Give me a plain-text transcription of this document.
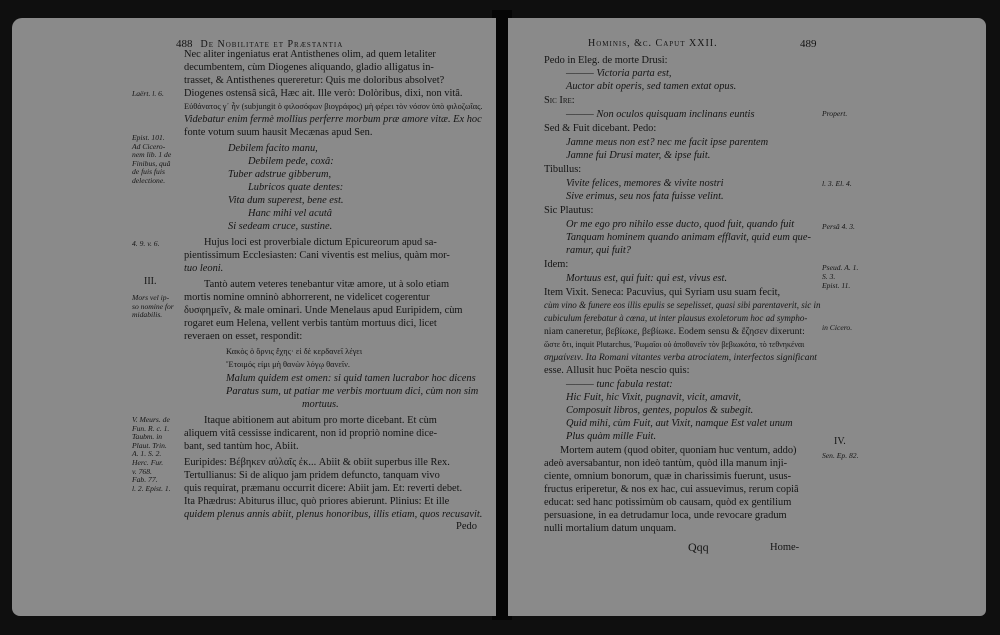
488 De Nobilitate et Præstantia
Nec aliter ingeniatus erat Antisthenes olim, ad quem letaliter
decumbentem, cùm Diogenes aliquando, gladio alligatus in-
trasset, & Antisthenes quereretur: Quis me doloribus absolvet?
Diogenes ostensâ sicâ, Hæc ait. Ille verò: Dolòribus, dixi, non vitâ.
Εὐθάνατος γ᾽ ἦν (subjungit ὁ φιλοσόφων βιογράφος) μὴ φέρει τὸν νόσον ὑπὸ φιλοζωΐας.
Videbatur enim fermè mollius perferre morbum præ amore vitæ. Ex hoc
fonte votum suum hausit Mecænas apud Sen.
Debilem facito manu,
Debilem pede, coxâ:
Tuber adstrue gibberum,
Lubricos quate dentes:
Vita dum superest, bene est.
Hanc mihi vel acutâ
Si sedeam cruce, sustine.
Hujus loci est proverbiale dictum Epicureorum apud sa-
pientissimum Ecclesiasten: Cani viventis est melius, quàm mor-
tuo leoni.
Tantò autem veteres tenebantur vitæ amore, ut à solo etiam
mortis nomine omninò abhorrerent, ne videlicet cogerentur
δυσφημεῖν, & male ominari. Unde Menelaus apud Euripidem, cùm
rogaret eum Helena, vellent verbis tantùm mortuus dici, licet
reveraen on esset, respondit:
Κακὸς ὁ ὄρνις ἔχης· εἰ δὲ κερδανεῖ λέγει
Ἕτοιμός εἰμι μὴ θανὼν λόγῳ θανεῖν.
Malum quidem est omen: si quid tamen lucrabor hoc dicens
Paratus sum, ut patiar me verbis mortuum dici, cùm non sim
mortuus.
Itaque abitionem aut abitum pro morte dicebant. Et cùm
aliquem vitâ cessisse indicarent, non id propriò nomine dice-
bant, sed tantùm hoc, Abiit.
Euripides: Βέβηκεν αὐλαῖς ἐκ... Abiit & obiit superbus ille Rex.
Tertullianus: Si de aliquo jam pridem defuncto, tanquam vivo
quis requirat, præmanu occurrit dicere: Abiit jam. Et: reverti debet.
Ita Phædrus: Abiturus illuc, quò priores abierunt. Plinius: Et ille
quidem plenus annis abiit, plenus honoribus, illis etiam, quos recusavit.
Pedo
Laërt. l. 6.
Epist. 101.
Ad Cicero-
nem lib. 1 de
Finibus, quâ
de fuis fuis
delectione.
4. 9. v. 6.
III.
Mors vel ip-
so nomine for
midabilis.
V. Meurs. de
Fun. R. c. 1.
Taubm. in
Plaut. Trin.
A. 1. S. 2.
Herc. Fur.
v. 768.
Fab. 77.
l. 2. Epist. 1.
Hominis, &c. Caput XXII.	489
Pedo in Eleg. de morte Drusi:
——— Victoria parta est,
Auctor abit operis, sed tamen extat opus.
Sic Ire:
——— Non oculos quisquam inclinans euntis
Sed & Fuit dicebant. Pedo:
Jamne meus non est? nec me facit ipse parentem
Jamne fui Drusi mater, & ipse fuit.
Tibullus:
Vivite felices, memores & vivite nostri
Sive erimus, seu nos fata fuisse velint.
Sic Plautus:
Or me ego pro nihilo esse ducto, quod fuit, quando fuit
Tanquam hominem quando animam efflavit, quid eum que-
ramur, qui fuit?
Idem:
Mortuus est, qui fuit: qui est, vivus est.
Item Vixit. Seneca: Pacuvius, qui Syriam usu suam fecit,
cùm vino & funere eos illis epulis se sepelisset, quasi sibi parentaverit, sic in
cubiculum ferebatur à cœna, ut inter plausus exoletorum hoc ad sympho-
niam caneretur, βεβίωκε, βεβίωκε. Eodem sensu & ἔζησεν dixerunt:
ὥστε ὅτι, inquit Plutarchus, Ῥωμαῖοι οὐ ἀποθανεῖν τὸν βεβιωκότα, τὸ τεθνηκέναι
σημαίνειν. Ita Romani vitantes verba atrociatem, interfectos significant
esse. Allusit huc Poëta nescio quis:
——— tunc fabula restat:
Hic Fuit, hic Vixit, pugnavit, vicit, amavit,
Composuit libros, gentes, populos & subegit.
Quid mihi, cùm Fuit, aut Vixit, namque Est valet unum
Plus quàm mille Fuit.
Mortem autem (quod obiter, quoniam huc ventum, addo)
adeò aversabantur, non ideò tantùm, quòd illa manum inji-
ciente, omnium bonorum, quæ in charissimis fuerunt, usus-
fructus eriperetur, & nos ex hac, cui assuevimus, rerum copiâ
educat: sed hanc potissimùm ob causam, quòd ex gentilium
persuasione, in ea detrudamur loca, unde revocare gradum
nulli mortalium datum unquam.
Qqq	Home-
Propert.
l. 3. El. 4.
Persâ 4. 3.
Pseud. A. 1.
S. 3.
Epist. 11.
in Cicero.
IV.
Sen. Ep. 82.
